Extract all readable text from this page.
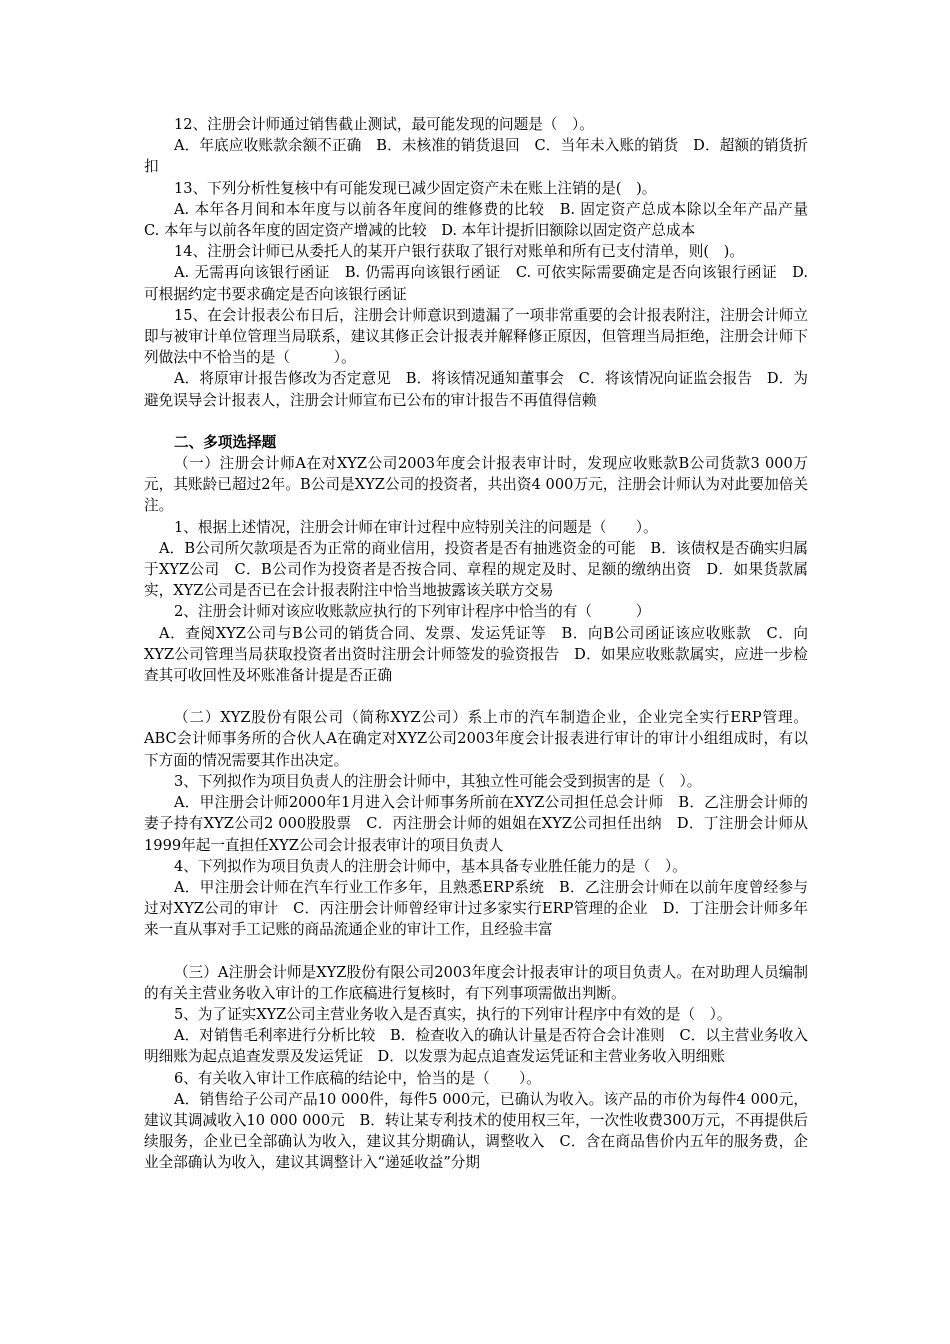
12、注册会计师通过销售截止测试，最可能发现的问题是（　）。
A．年底应收账款余额不正确　B．未核准的销货退回　C．当年未入账的销货　D．超额的销货折扣
13、下列分析性复核中有可能发现已减少固定资产未在账上注销的是(　)。
A. 本年各月间和本年度与以前各年度间的维修费的比较　B. 固定资产总成本除以全年产品产量　C. 本年与以前各年度的固定资产增减的比较　D. 本年计提折旧额除以固定资产总成本
14、注册会计师已从委托人的某开户银行获取了银行对账单和所有已支付清单，则(　)。
A. 无需再向该银行函证　B. 仍需再向该银行函证　C. 可依实际需要确定是否向该银行函证　D. 可根据约定书要求确定是否向该银行函证
15、在会计报表公布日后，注册会计师意识到遗漏了一项非常重要的会计报表附注，注册会计师立即与被审计单位管理当局联系，建议其修正会计报表并解释修正原因，但管理当局拒绝，注册会计师下列做法中不恰当的是（　　　）。
A．将原审计报告修改为否定意见　B．将该情况通知董事会　C．将该情况向证监会报告　D．为避免误导会计报表人，注册会计师宣布已公布的审计报告不再值得信赖
二、多项选择题
（一）注册会计师A在对XYZ公司2003年度会计报表审计时，发现应收账款B公司货款3 000万元，其账龄已超过2年。B公司是XYZ公司的投资者，共出资4 000万元，注册会计师认为对此要加倍关注。
1、根据上述情况，注册会计师在审计过程中应特别关注的问题是（　　）。
A．B公司所欠款项是否为正常的商业信用，投资者是否有抽逃资金的可能　B．该债权是否确实归属于XYZ公司　C．B公司作为投资者是否按合同、章程的规定及时、足额的缴纳出资　D．如果货款属实，XYZ公司是否已在会计报表附注中恰当地披露该关联方交易
2、注册会计师对该应收账款应执行的下列审计程序中恰当的有（　　　）
A．查阅XYZ公司与B公司的销货合同、发票、发运凭证等　B．向B公司函证该应收账款　C．向XYZ公司管理当局获取投资者出资时注册会计师签发的验资报告　D．如果应收账款属实，应进一步检查其可收回性及坏账准备计提是否正确
（二）XYZ股份有限公司（简称XYZ公司）系上市的汽车制造企业，企业完全实行ERP管理。ABC会计师事务所的合伙人A在确定对XYZ公司2003年度会计报表进行审计的审计小组组成时，有以下方面的情况需要其作出决定。
3、下列拟作为项目负责人的注册会计师中，其独立性可能会受到损害的是（　）。
A．甲注册会计师2000年1月进入会计师事务所前在XYZ公司担任总会计师　B．乙注册会计师的妻子持有XYZ公司2 000股股票　C．丙注册会计师的姐姐在XYZ公司担任出纳　D．丁注册会计师从1999年起一直担任XYZ公司会计报表审计的项目负责人
4、下列拟作为项目负责人的注册会计师中，基本具备专业胜任能力的是（　）。
A．甲注册会计师在汽车行业工作多年，且熟悉ERP系统　B．乙注册会计师在以前年度曾经参与过对XYZ公司的审计　C．丙注册会计师曾经审计过多家实行ERP管理的企业　D．丁注册会计师多年来一直从事对手工记账的商品流通企业的审计工作，且经验丰富
（三）A注册会计师是XYZ股份有限公司2003年度会计报表审计的项目负责人。在对助理人员编制的有关主营业务收入审计的工作底稿进行复核时，有下列事项需做出判断。
5、为了证实XYZ公司主营业务收入是否真实，执行的下列审计程序中有效的是（　）。
A．对销售毛利率进行分析比较　B．检查收入的确认计量是否符合会计准则　C．以主营业务收入明细账为起点追查发票及发运凭证　D．以发票为起点追查发运凭证和主营业务收入明细账
6、有关收入审计工作底稿的结论中，恰当的是（　　）。
A．销售给子公司产品10 000件，每件5 000元，已确认为收入。该产品的市价为每件4 000元，建议其调减收入10 000 000元　B．转让某专利技术的使用权三年，一次性收费300万元，不再提供后续服务，企业已全部确认为收入，建议其分期确认，调整收入　C．含在商品售价内五年的服务费，企业全部确认为收入，建议其调整计入“递延收益”分期
